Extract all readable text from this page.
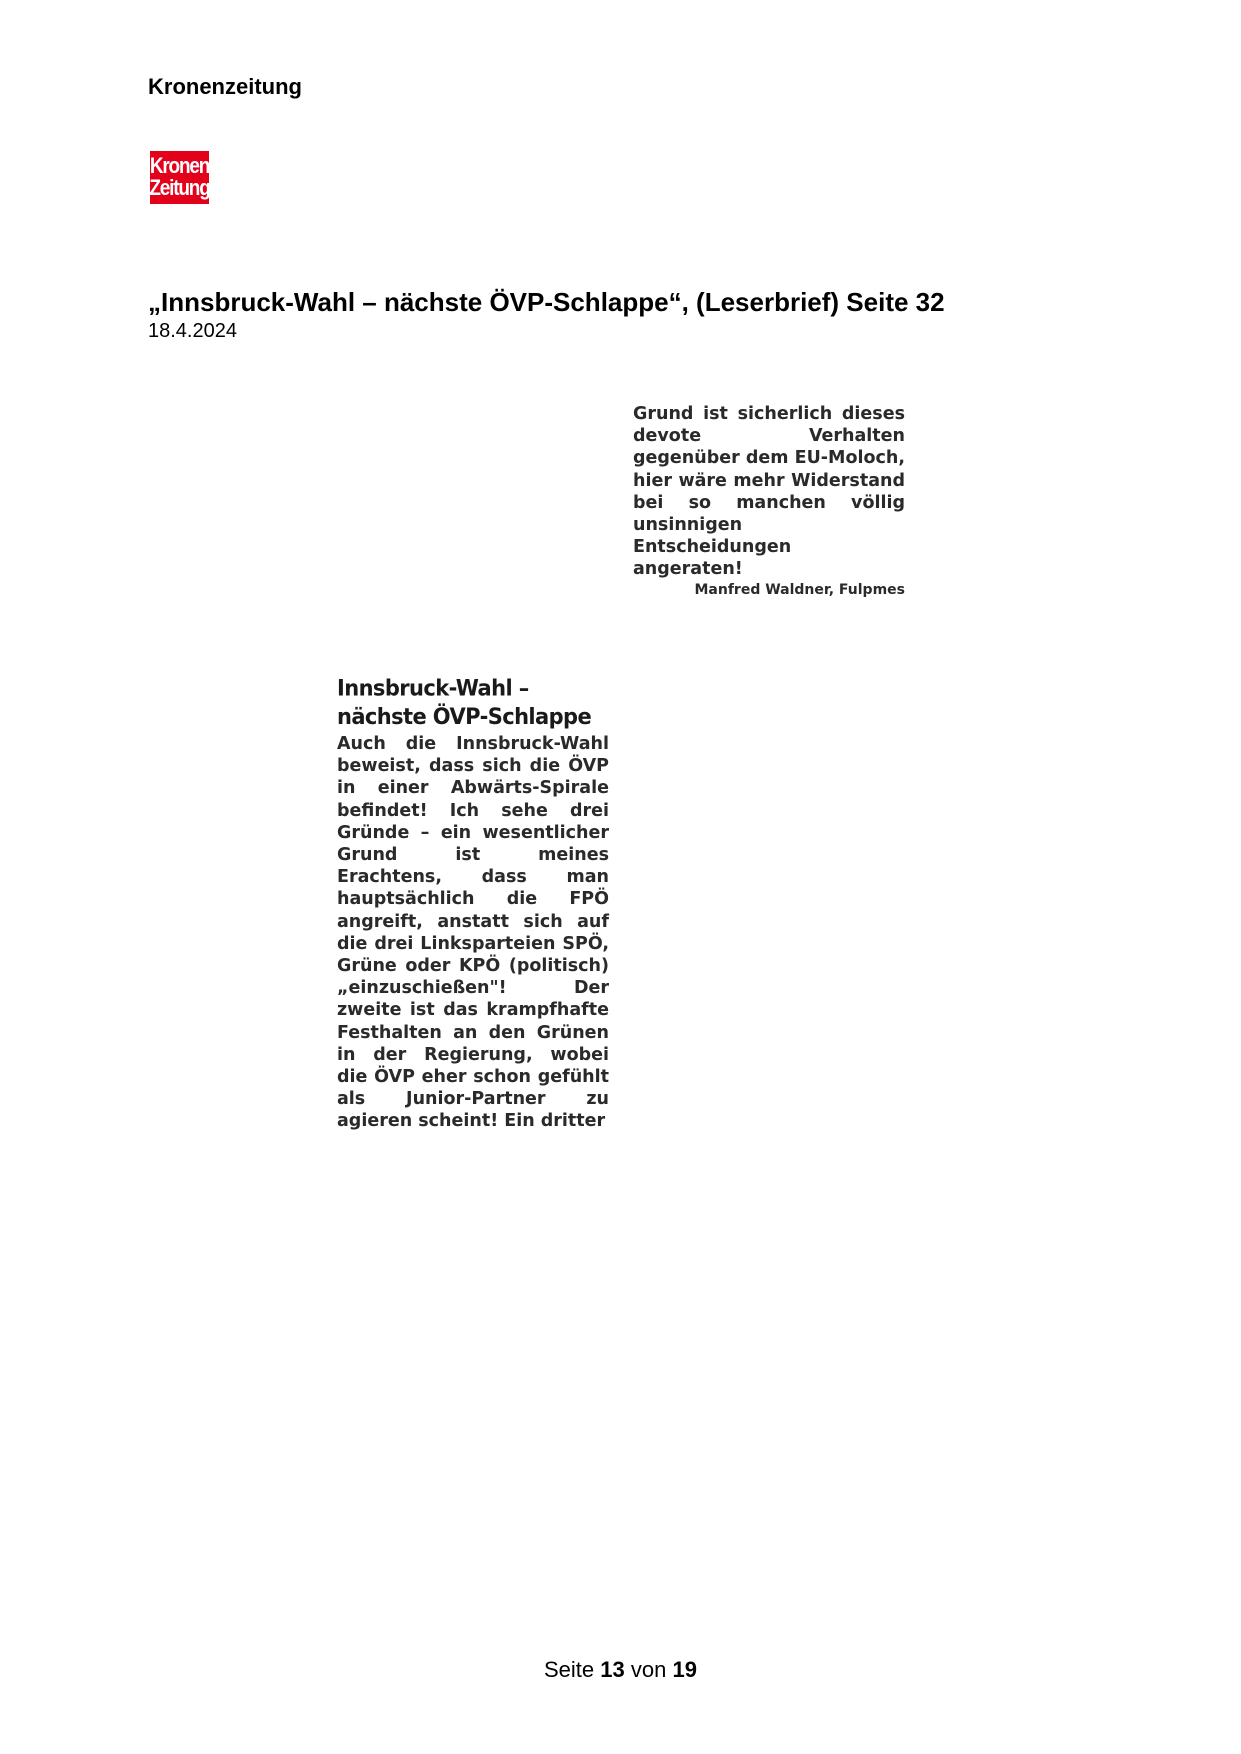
Kronenzeitung
Kronen
Zeitung
„Innsbruck-Wahl – nächste ÖVP-Schlappe“, (Leserbrief) Seite 32
18.4.2024

Grund ist sicherlich dieses devote Verhalten gegenüber dem EU-Moloch, hier wäre mehr Widerstand bei so manchen völlig unsinnigen Entscheidungen angeraten!

Manfred Waldner, Fulpmes

Innsbruck-Wahl –
nächste ÖVP-Schlappe

Auch die Innsbruck-Wahl beweist, dass sich die ÖVP in einer Abwärts-Spirale befindet! Ich sehe drei Gründe – ein wesentlicher Grund ist meines Erachtens, dass man hauptsächlich die FPÖ angreift, anstatt sich auf die drei Linksparteien SPÖ, Grüne oder KPÖ (politisch) „einzuschießen"! Der zweite ist das krampfhafte Festhalten an den Grünen in der Regierung, wobei die ÖVP eher schon gefühlt als Junior-Partner zu agieren scheint! Ein dritter

Seite 13 von 19
